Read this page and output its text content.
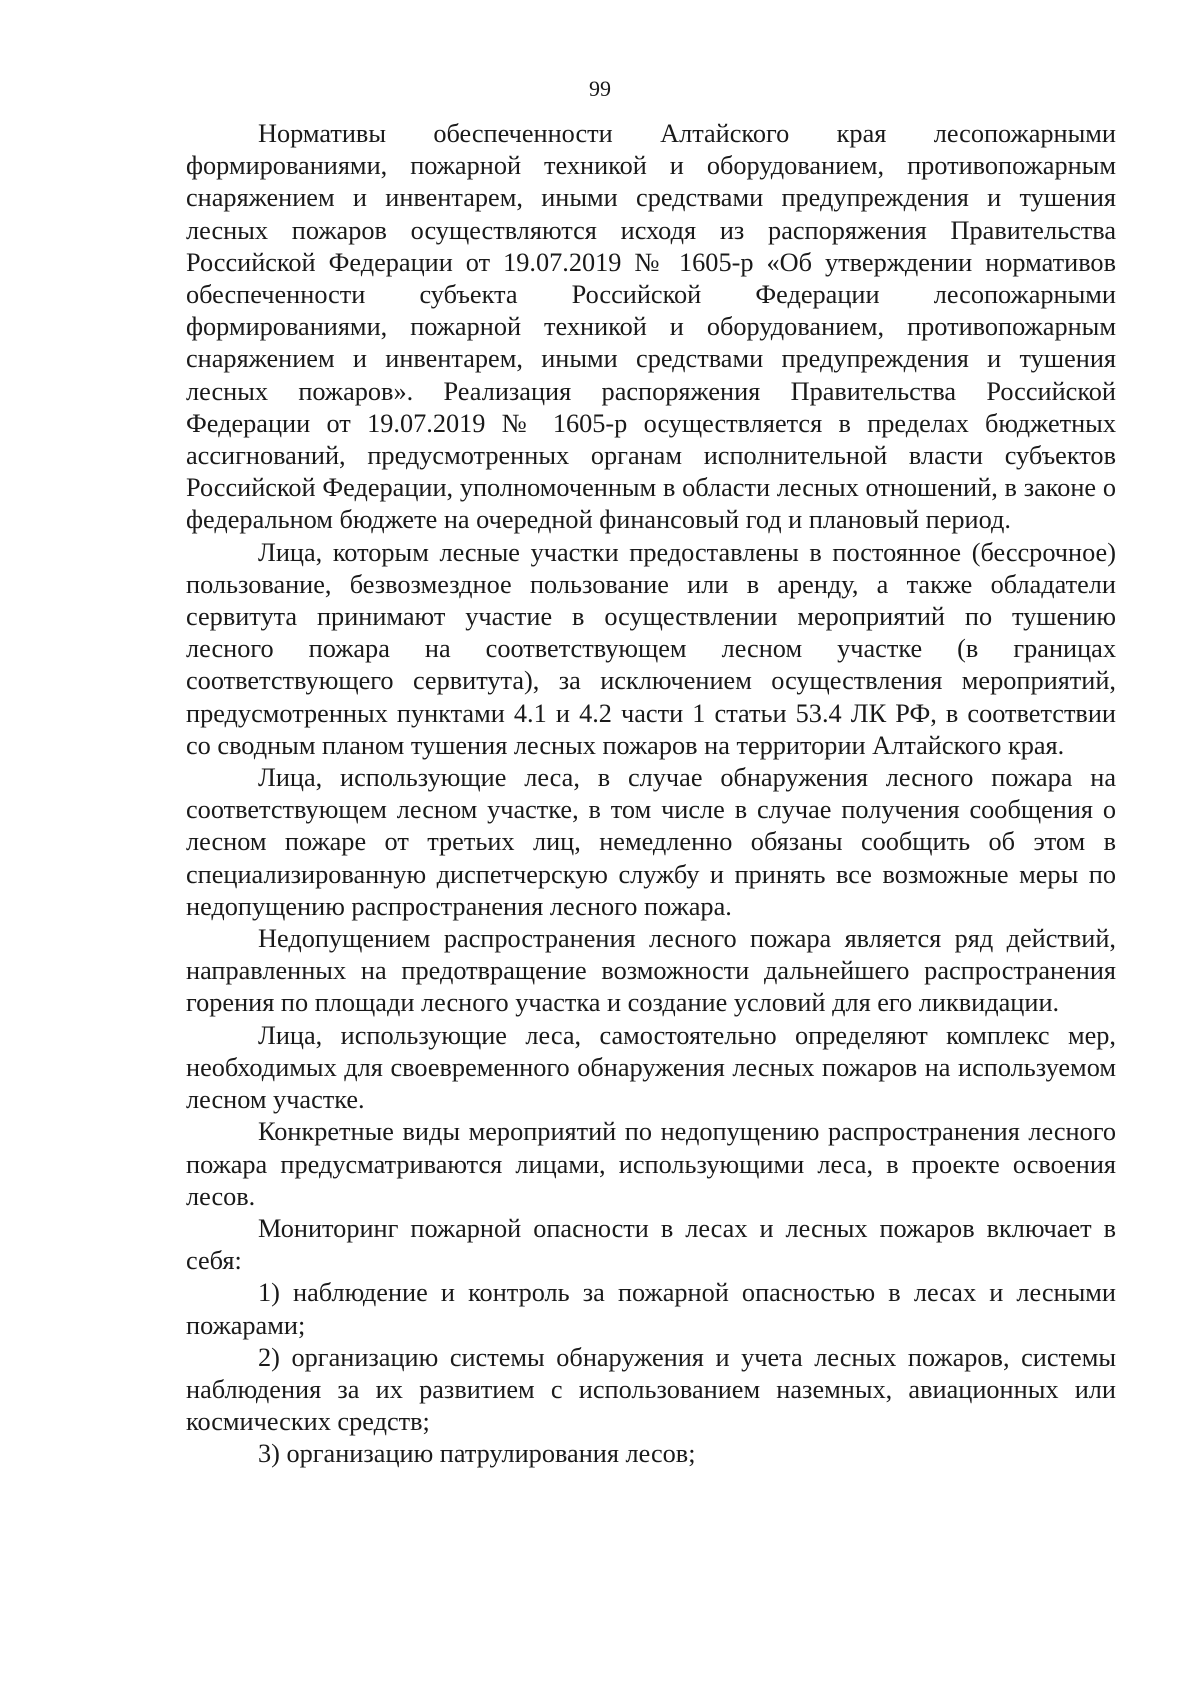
99

Нормативы обеспеченности Алтайского края лесопожарными формированиями, пожарной техникой и оборудованием, противопожарным снаряжением и инвентарем, иными средствами предупреждения и тушения лесных пожаров осуществляются исходя из распоряжения Правительства Российской Федерации от 19.07.2019 № 1605-р «Об утверждении нормативов обеспеченности субъекта Российской Федерации лесопожарными формированиями, пожарной техникой и оборудованием, противопожарным снаряжением и инвентарем, иными средствами предупреждения и тушения лесных пожаров». Реализация распоряжения Правительства Российской Федерации от 19.07.2019 № 1605-р осуществляется в пределах бюджетных ассигнований, предусмотренных органам исполнительной власти субъектов Российской Федерации, уполномоченным в области лесных отношений, в законе о федеральном бюджете на очередной финансовый год и плановый период.

Лица, которым лесные участки предоставлены в постоянное (бессрочное) пользование, безвозмездное пользование или в аренду, а также обладатели сервитута принимают участие в осуществлении мероприятий по тушению лесного пожара на соответствующем лесном участке (в границах соответствующего сервитута), за исключением осуществления мероприятий, предусмотренных пунктами 4.1 и 4.2 части 1 статьи 53.4 ЛК РФ, в соответствии со сводным планом тушения лесных пожаров на территории Алтайского края.

Лица, использующие леса, в случае обнаружения лесного пожара на соответствующем лесном участке, в том числе в случае получения сообщения о лесном пожаре от третьих лиц, немедленно обязаны сообщить об этом в специализированную диспетчерскую службу и принять все возможные меры по недопущению распространения лесного пожара.

Недопущением распространения лесного пожара является ряд действий, направленных на предотвращение возможности дальнейшего распространения горения по площади лесного участка и создание условий для его ликвидации.

Лица, использующие леса, самостоятельно определяют комплекс мер, необходимых для своевременного обнаружения лесных пожаров на используемом лесном участке.

Конкретные виды мероприятий по недопущению распространения лесного пожара предусматриваются лицами, использующими леса, в проекте освоения лесов.

Мониторинг пожарной опасности в лесах и лесных пожаров включает в себя:

1) наблюдение и контроль за пожарной опасностью в лесах и лесными пожарами;

2) организацию системы обнаружения и учета лесных пожаров, системы наблюдения за их развитием с использованием наземных, авиационных или космических средств;

3) организацию патрулирования лесов;
